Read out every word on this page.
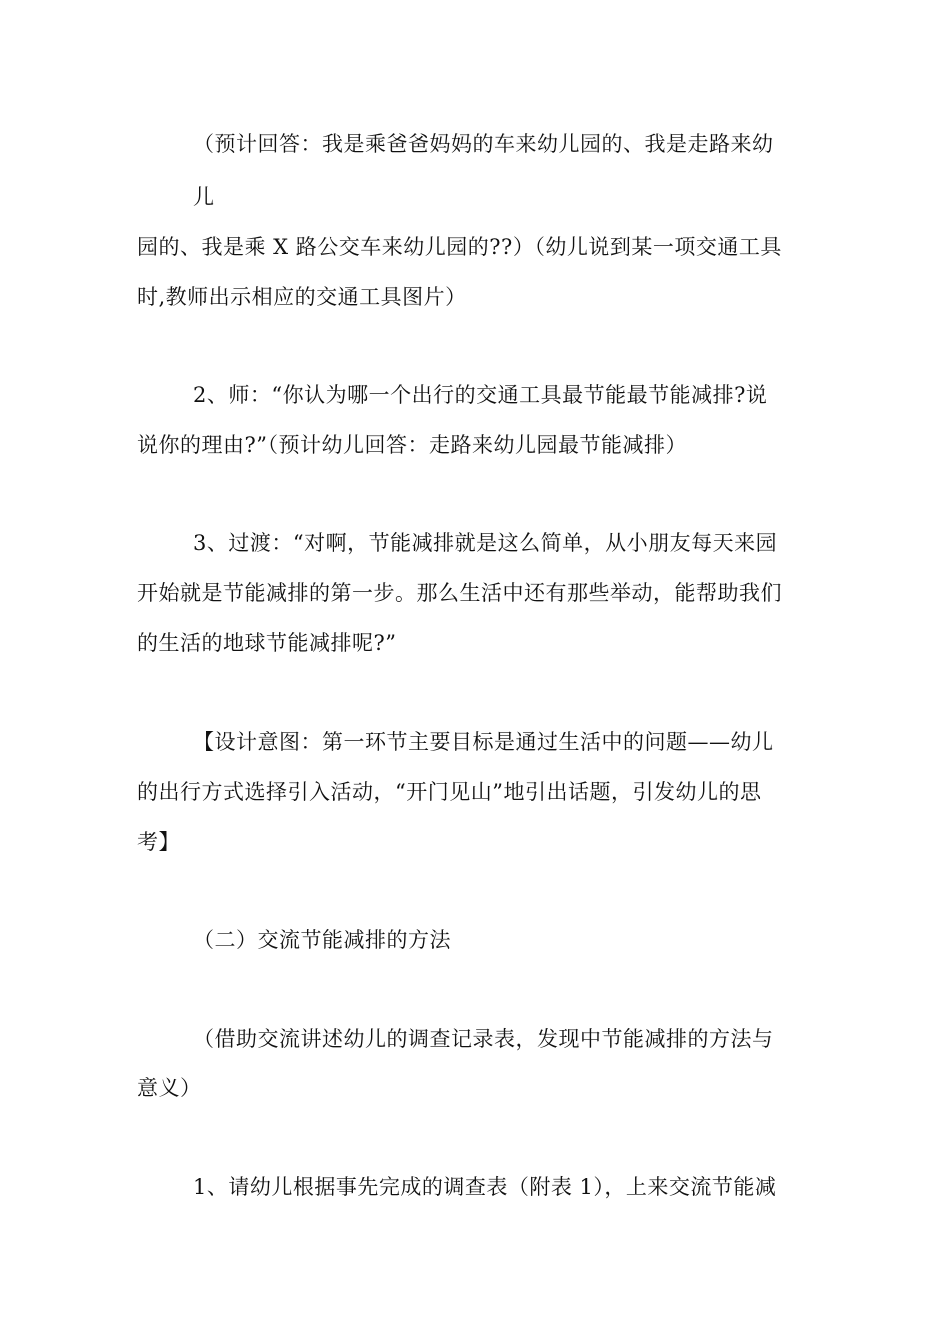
（预计回答：我是乘爸爸妈妈的车来幼儿园的、我是走路来幼
儿
园的、我是乘 X 路公交车来幼儿园的??）（幼儿说到某一项交通工具
时,教师出示相应的交通工具图片）
2、师：“你认为哪一个出行的交通工具最节能最节能减排?说
说你的理由?”（预计幼儿回答：走路来幼儿园最节能减排）
3、过渡：“对啊，节能减排就是这么简单，从小朋友每天来园
开始就是节能减排的第一步。那么生活中还有那些举动，能帮助我们
的生活的地球节能减排呢?”
【设计意图：第一环节主要目标是通过生活中的问题——幼儿
的出行方式选择引入活动，“开门见山”地引出话题，引发幼儿的思
考】
（二）交流节能减排的方法
（借助交流讲述幼儿的调查记录表，发现中节能减排的方法与
意义）
1、请幼儿根据事先完成的调查表（附表 1），上来交流节能减
